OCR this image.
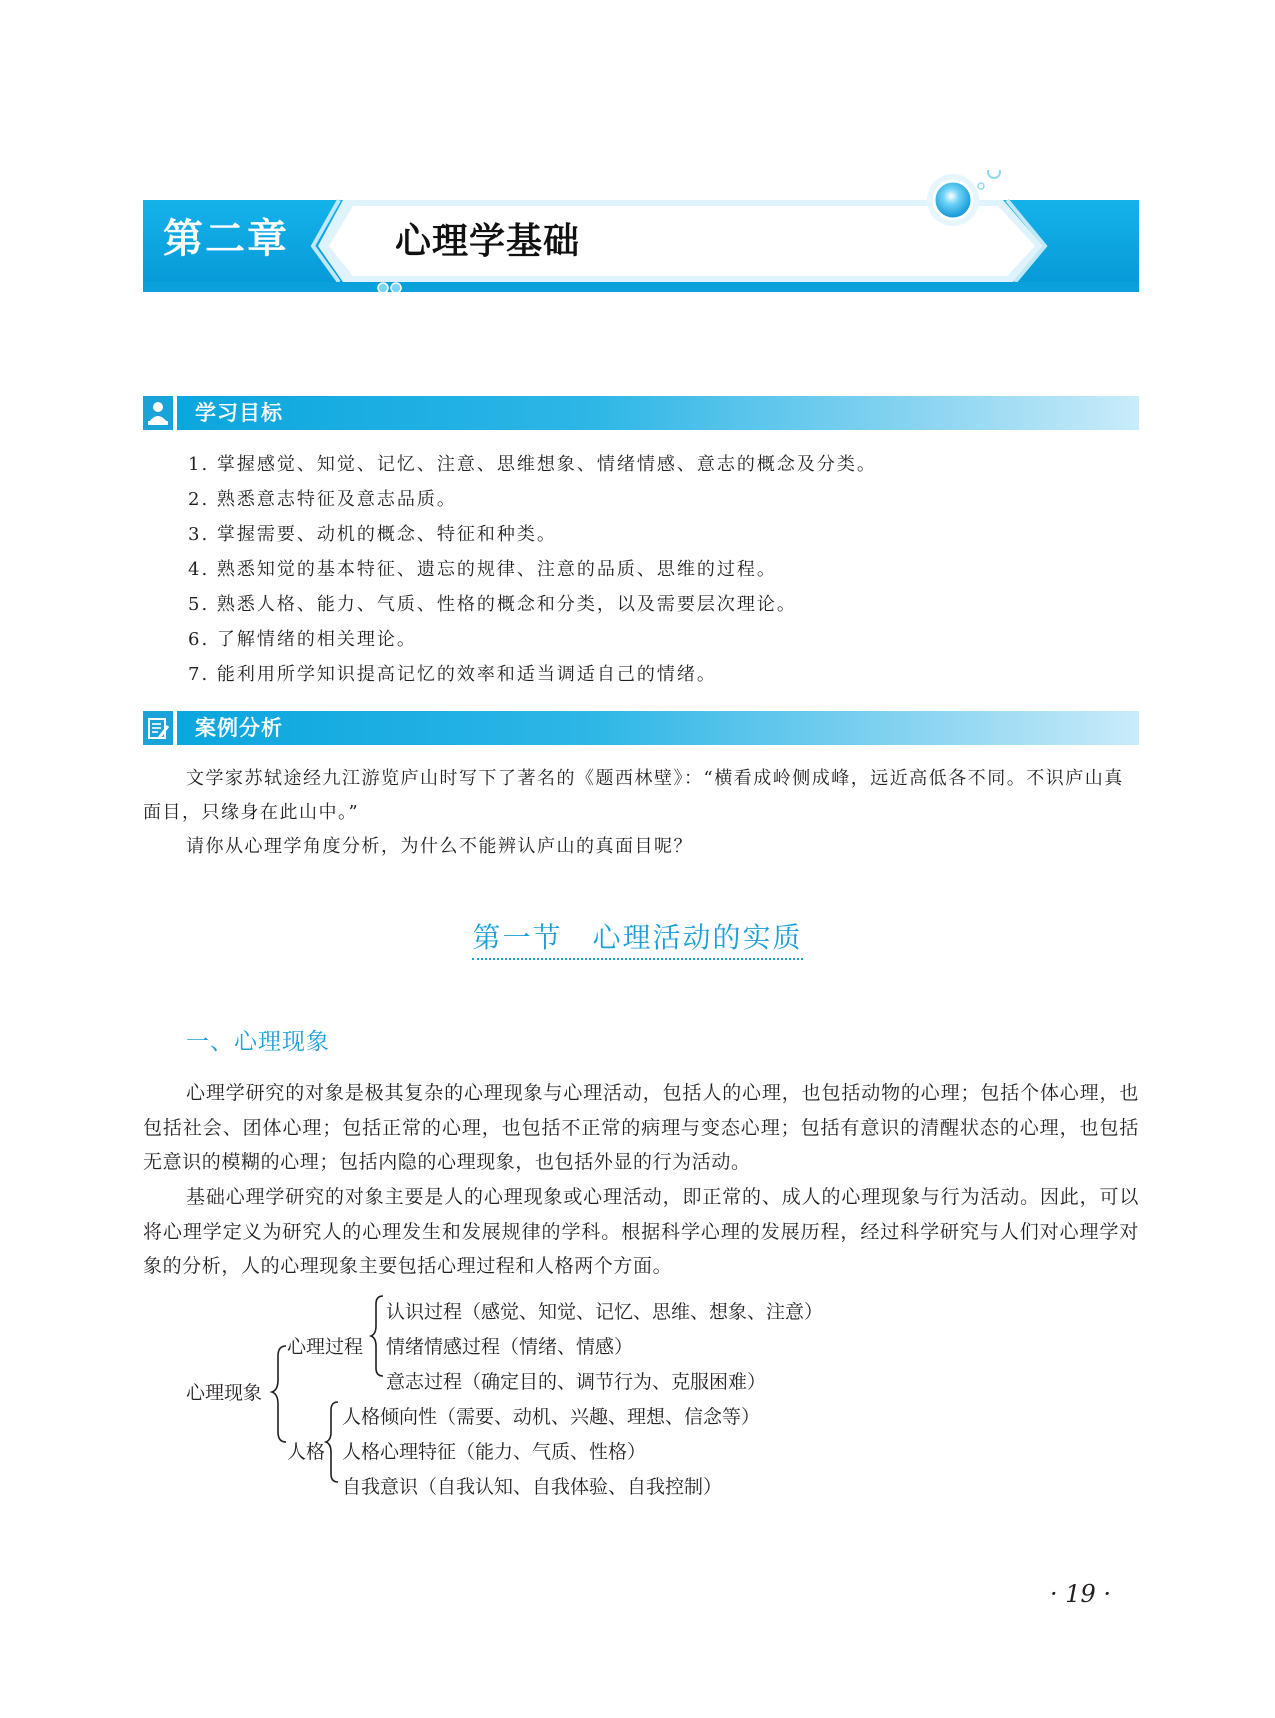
第二章	心理学基础
学习目标
1. 掌握感觉、知觉、记忆、注意、思维想象、情绪情感、意志的概念及分类。
2. 熟悉意志特征及意志品质。
3. 掌握需要、动机的概念、特征和种类。
4. 熟悉知觉的基本特征、遗忘的规律、注意的品质、思维的过程。
5. 熟悉人格、能力、气质、性格的概念和分类，以及需要层次理论。
6. 了解情绪的相关理论。
7. 能利用所学知识提高记忆的效率和适当调适自己的情绪。
案例分析

文学家苏轼途经九江游览庐山时写下了著名的《题西林壁》：“横看成岭侧成峰，远近高低各不同。不识庐山真面目，只缘身在此山中。”

请你从心理学角度分析，为什么不能辨认庐山的真面目呢？

第一节　心理活动的实质
一、心理现象

心理学研究的对象是极其复杂的心理现象与心理活动，包括人的心理，也包括动物的心理；包括个体心理，也包括社会、团体心理；包括正常的心理，也包括不正常的病理与变态心理；包括有意识的清醒状态的心理，也包括无意识的模糊的心理；包括内隐的心理现象，也包括外显的行为活动。

基础心理学研究的对象主要是人的心理现象或心理活动，即正常的、成人的心理现象与行为活动。因此，可以将心理学定义为研究人的心理发生和发展规律的学科。根据科学心理的发展历程，经过科学研究与人们对心理学对象的分析，人的心理现象主要包括心理过程和人格两个方面。

心理现象
心理过程
认识过程（感觉、知觉、记忆、思维、想象、注意）
情绪情感过程（情绪、情感）
意志过程（确定目的、调节行为、克服困难）
人格
人格倾向性（需要、动机、兴趣、理想、信念等）
人格心理特征（能力、气质、性格）
自我意识（自我认知、自我体验、自我控制）
· 19 ·
